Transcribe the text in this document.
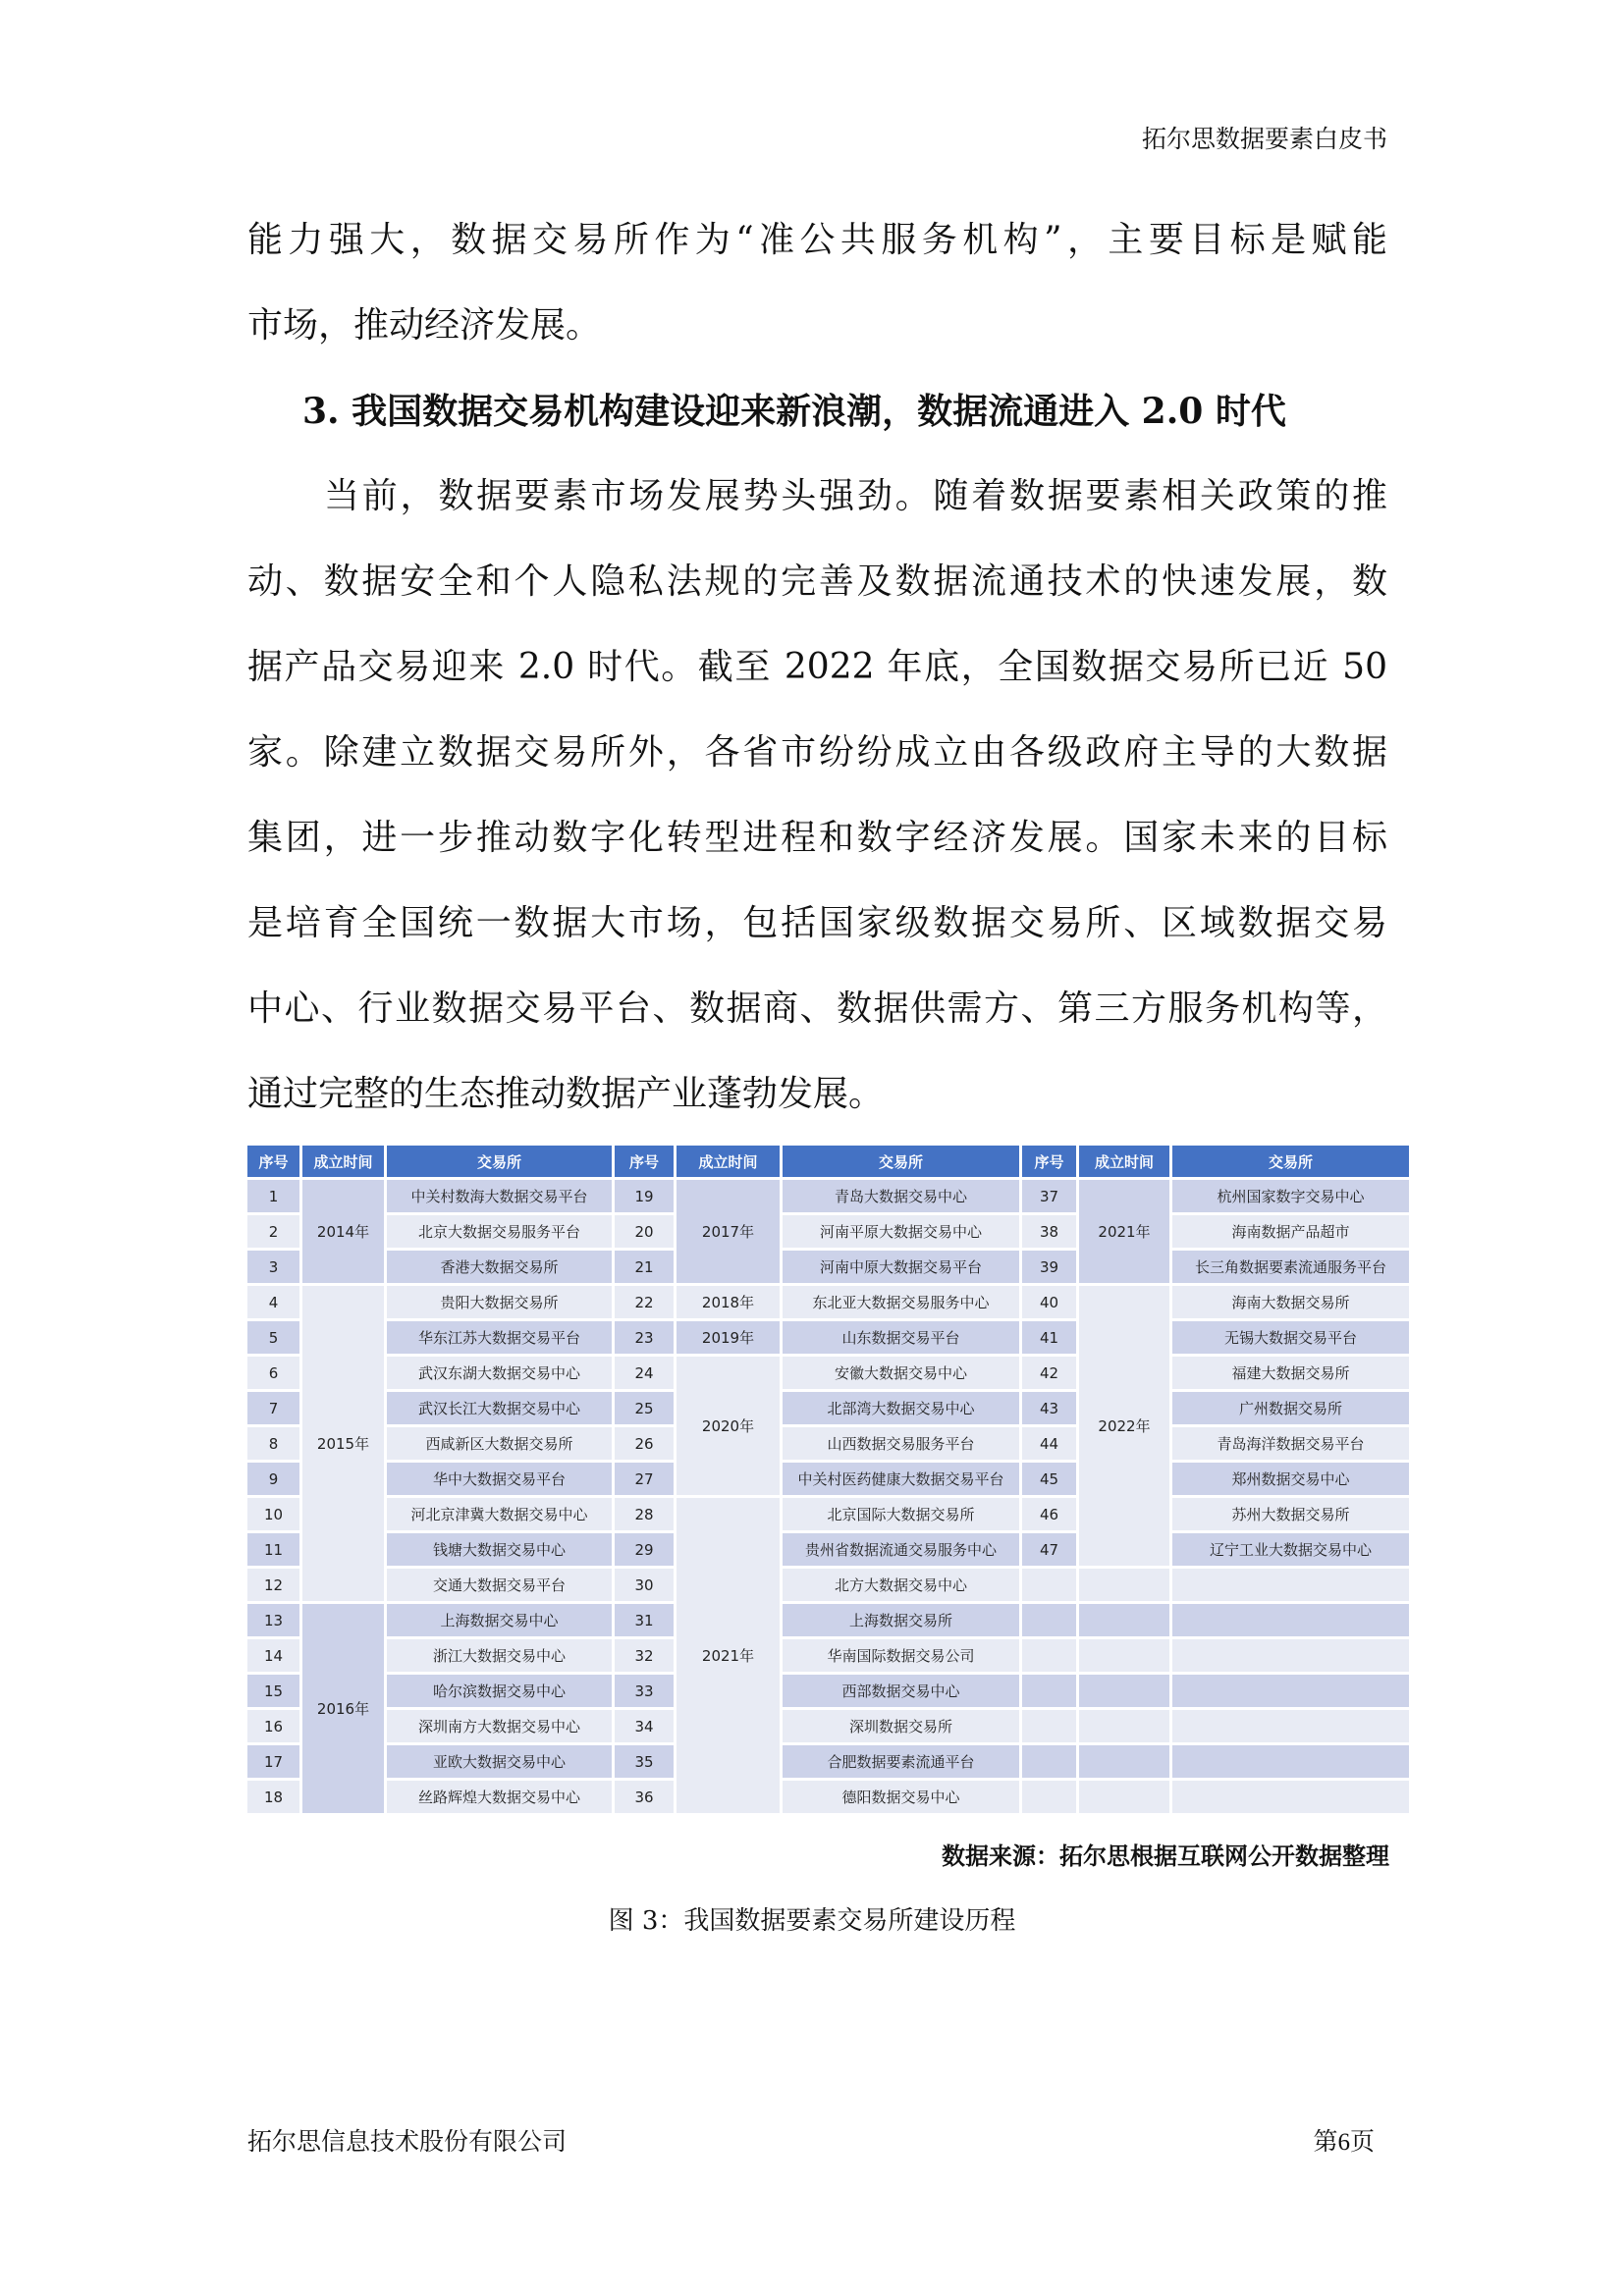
拓尔思数据要素白皮书
能力强大，数据交易所作为“准公共服务机构”，主要目标是赋能
市场，推动经济发展。
3. 我国数据交易机构建设迎来新浪潮，数据流通进入 2.0 时代
当前，数据要素市场发展势头强劲。随着数据要素相关政策的推
动、数据安全和个人隐私法规的完善及数据流通技术的快速发展，数
据产品交易迎来 2.0 时代。截至 2022 年底，全国数据交易所已近 50
家。除建立数据交易所外，各省市纷纷成立由各级政府主导的大数据
集团，进一步推动数字化转型进程和数字经济发展。国家未来的目标
是培育全国统一数据大市场，包括国家级数据交易所、区域数据交易
中心、行业数据交易平台、数据商、数据供需方、第三方服务机构等，
通过完整的生态推动数据产业蓬勃发展。
序号	成立时间	交易所	序号	成立时间	交易所	序号	成立时间	交易所
1	2014年	中关村数海大数据交易平台	19	2017年	青岛大数据交易中心	37	2021年	杭州国家数字交易中心
2		北京大数据交易服务平台	20		河南平原大数据交易中心	38		海南数据产品超市
3		香港大数据交易所	21		河南中原大数据交易平台	39		长三角数据要素流通服务平台
4	2015年	贵阳大数据交易所	22	2018年	东北亚大数据交易服务中心	40	2022年	海南大数据交易所
5		华东江苏大数据交易平台	23	2019年	山东数据交易平台	41		无锡大数据交易平台
6		武汉东湖大数据交易中心	24	2020年	安徽大数据交易中心	42		福建大数据交易所
7		武汉长江大数据交易中心	25		北部湾大数据交易中心	43		广州数据交易所
8		西咸新区大数据交易所	26		山西数据交易服务平台	44		青岛海洋数据交易平台
9		华中大数据交易平台	27		中关村医药健康大数据交易平台	45		郑州数据交易中心
10		河北京津冀大数据交易中心	28	2021年	北京国际大数据交易所	46		苏州大数据交易所
11		钱塘大数据交易中心	29		贵州省数据流通交易服务中心	47		辽宁工业大数据交易中心
12		交通大数据交易平台	30		北方大数据交易中心			
13	2016年	上海数据交易中心	31		上海数据交易所			
14		浙江大数据交易中心	32		华南国际数据交易公司			
15		哈尔滨数据交易中心	33		西部数据交易中心			
16		深圳南方大数据交易中心	34		深圳数据交易所			
17		亚欧大数据交易中心	35		合肥数据要素流通平台			
18		丝路辉煌大数据交易中心	36		德阳数据交易中心			
数据来源：拓尔思根据互联网公开数据整理
图 3：我国数据要素交易所建设历程
拓尔思信息技术股份有限公司	第6页
